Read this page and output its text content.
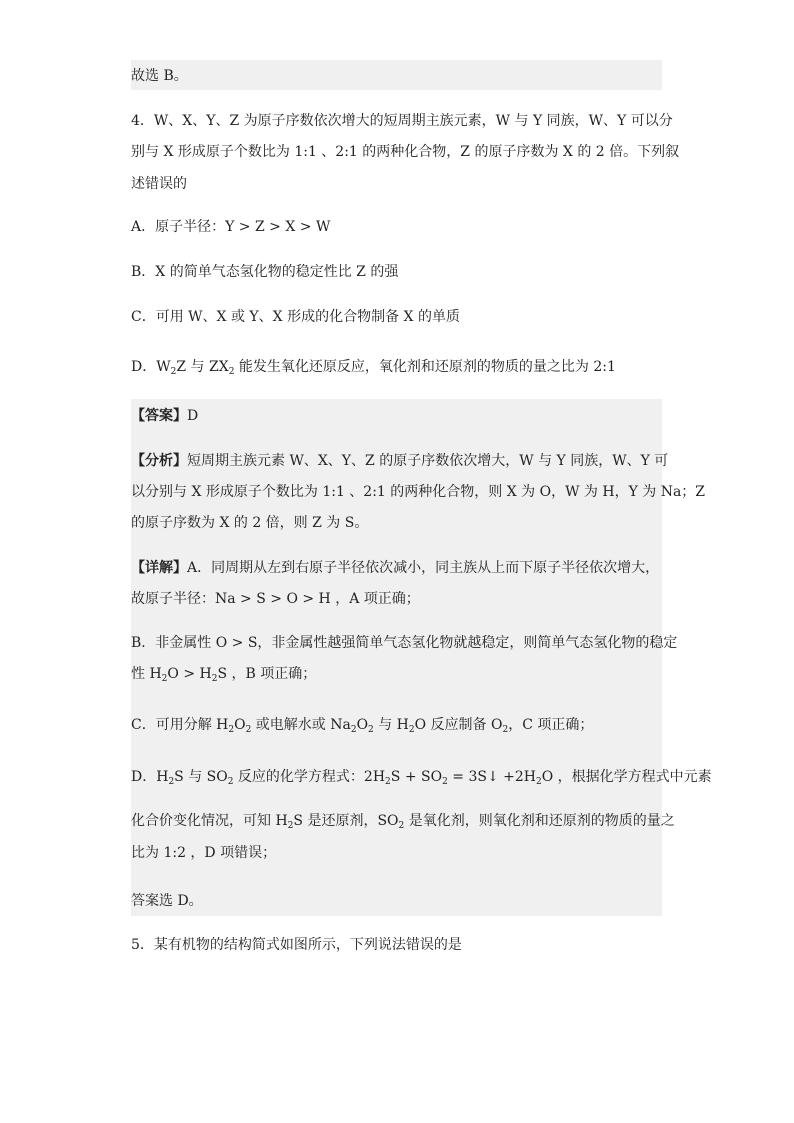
故选 B。
4．W、X、Y、Z 为原子序数依次增大的短周期主族元素，W 与 Y 同族，W、Y 可以分
别与 X 形成原子个数比为 1:1 、2:1 的两种化合物，Z 的原子序数为 X 的 2 倍。下列叙
述错误的
A．原子半径：Y > Z > X > W
B．X 的简单气态氢化物的稳定性比 Z 的强
C．可用 W、X 或 Y、X 形成的化合物制备 X 的单质
D．$W_2Z$ 与 $ZX_2$ 能发生氧化还原反应，氧化剂和还原剂的物质的量之比为 2:1
【答案】D
【分析】短周期主族元素 W、X、Y、Z 的原子序数依次增大，W 与 Y 同族，W、Y 可
以分别与 X 形成原子个数比为 1:1 、2:1 的两种化合物，则 X 为 O，W 为 H，Y 为 Na；Z
的原子序数为 X 的 2 倍，则 Z 为 S。
【详解】A．同周期从左到右原子半径依次减小，同主族从上而下原子半径依次增大，
故原子半径：Na > S > O > H ，A 项正确；
B．非金属性 O > S，非金属性越强简单气态氢化物就越稳定，则简单气态氢化物的稳定
性 $H_2O > H_2S$ ，B 项正确；
C．可用分解 $H_2O_2$ 或电解水或 $Na_2O_2$ 与 $H_2O$ 反应制备 $O_2$，C 项正确；
D．$H_2S$ 与 $SO_2$ 反应的化学方程式：$2H_2S + SO_2$ = 3S↓ $+2H_2O$ ，根据化学方程式中元素
化合价变化情况，可知 $H_2S$ 是还原剂，$SO_2$ 是氧化剂，则氧化剂和还原剂的物质的量之
比为 1:2 ，D 项错误；
答案选 D。
5．某有机物的结构简式如图所示，下列说法错误的是
